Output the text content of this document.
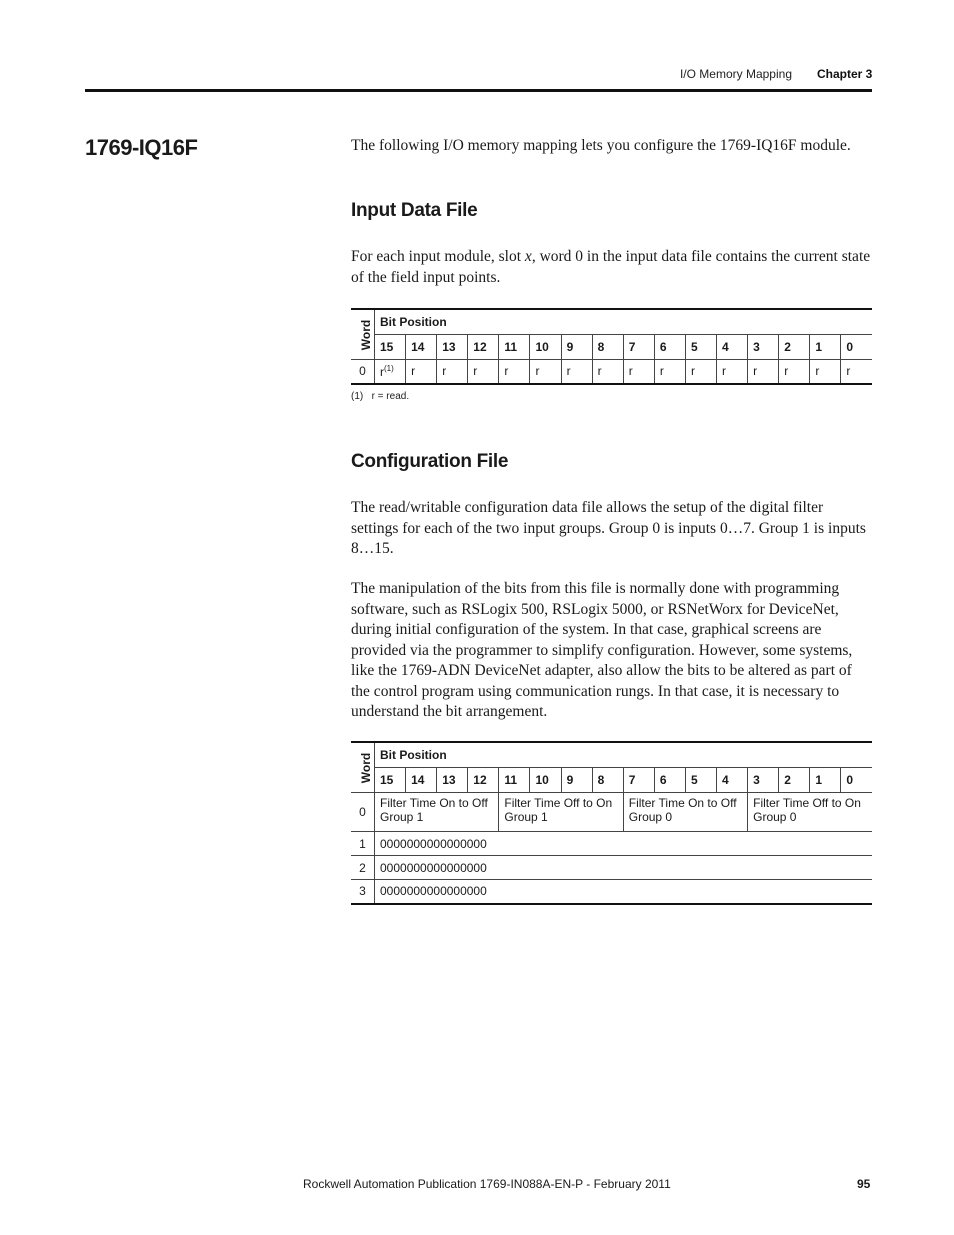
I/O Memory Mapping Chapter 3
1769-IQ16F	The following I/O memory mapping lets you configure the 1769-IQ16F module.
Input Data File
For each input module, slot x, word 0 in the input data file contains the current state of the field input points.
Word	Bit Position															
	15	14	13	12	11	10	9	8	7	6	5	4	3	2	1	0
0	$r^{(1)}$	r	r	r	r	r	r	r	r	r	r	r	r	r	r	r
(1) r = read.
Configuration File
The read/writable configuration data file allows the setup of the digital filter settings for each of the two input groups. Group 0 is inputs 0…7. Group 1 is inputs 8…15.
The manipulation of the bits from this file is normally done with programming software, such as RSLogix 500, RSLogix 5000, or RSNetWorx for DeviceNet, during initial configuration of the system. In that case, graphical screens are provided via the programmer to simplify configuration. However, some systems, like the 1769-ADN DeviceNet adapter, also allow the bits to be altered as part of the control program using communication rungs. In that case, it is necessary to understand the bit arrangement.
Word	Bit Position															
	15	14	13	12	11	10	9	8	7	6	5	4	3	2	1	0
0	Filter Time On to Off Group 1				Filter Time Off to On Group 1				Filter Time On to Off Group 0				Filter Time Off to On Group 0			
1	0000000000000000															
2	0000000000000000															
3	0000000000000000															
Rockwell Automation Publication 1769-IN088A-EN-P - February 2011	95
